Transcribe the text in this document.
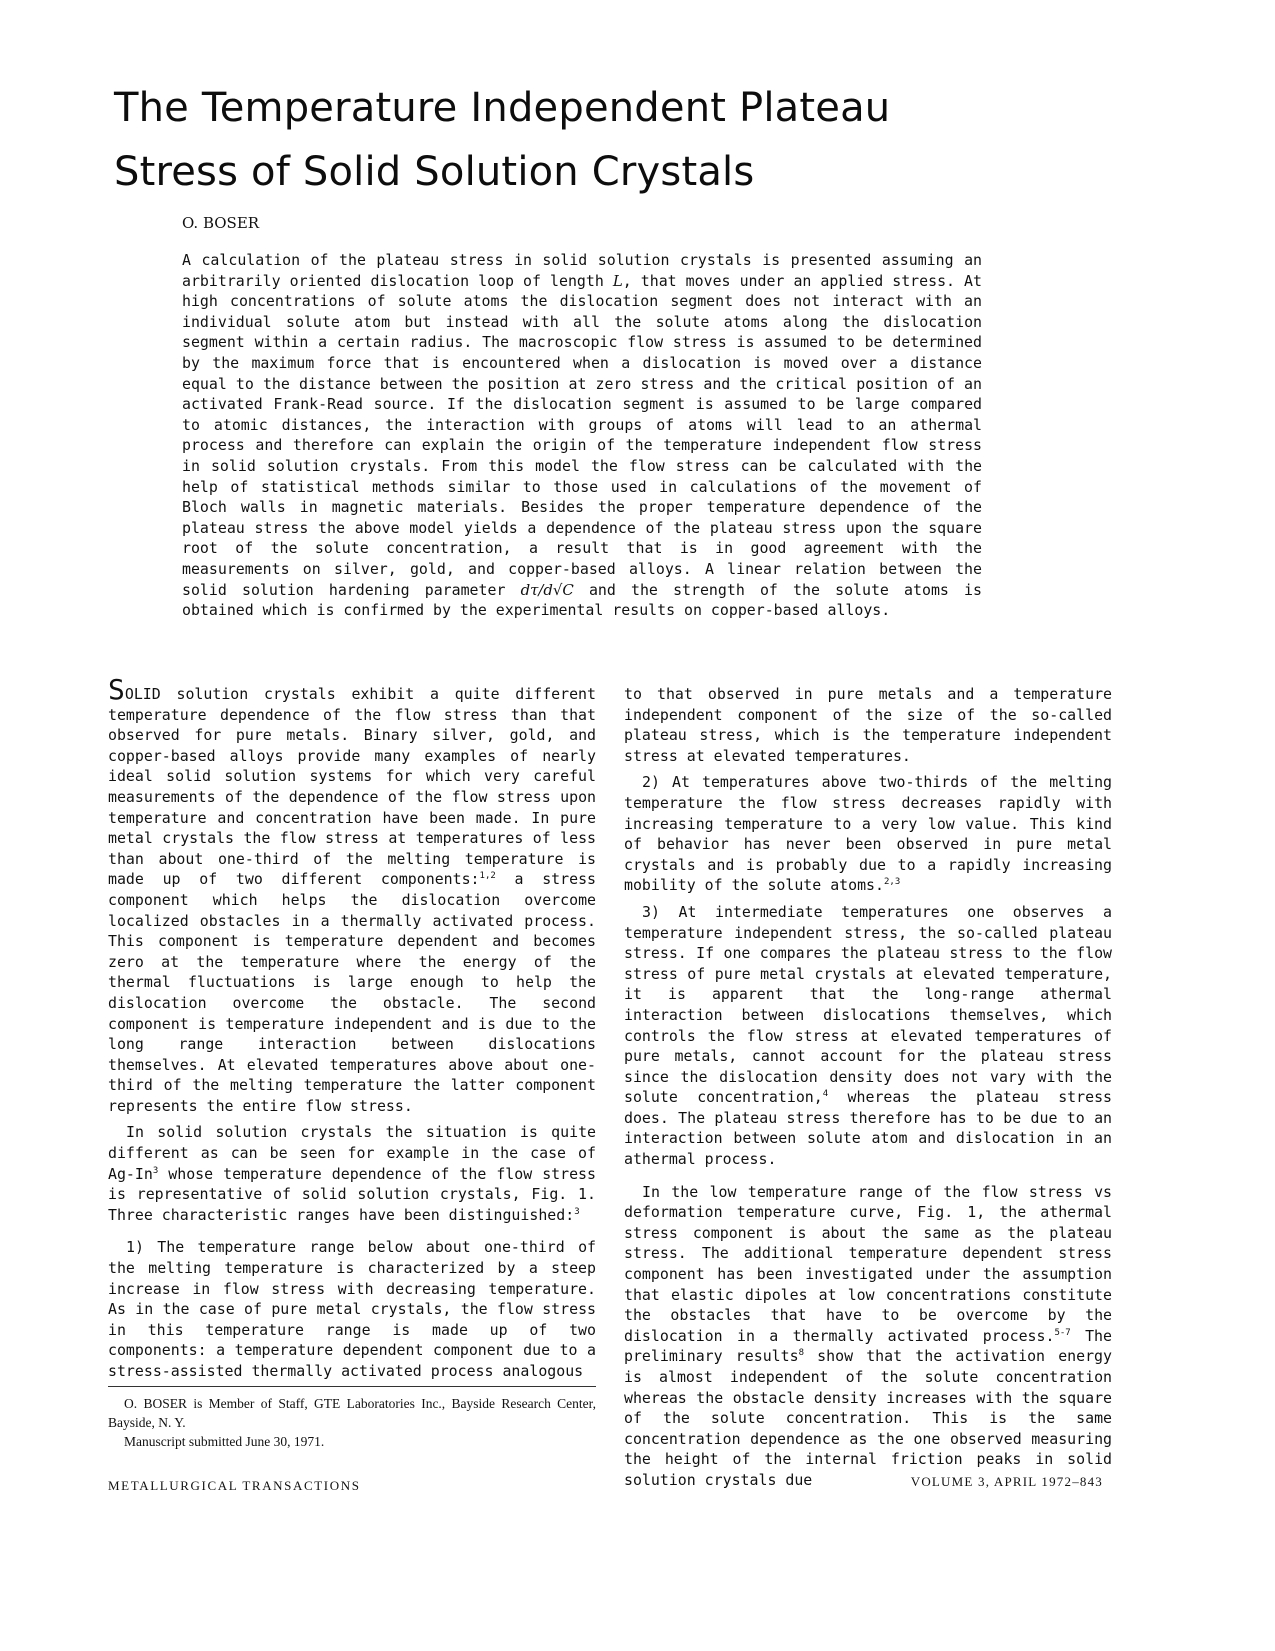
The Temperature Independent Plateau
Stress of Solid Solution Crystals
O. BOSER

A calculation of the plateau stress in solid solution crystals is presented assuming an arbitrarily oriented dislocation loop of length L, that moves under an applied stress. At high concentrations of solute atoms the dislocation segment does not interact with an individual solute atom but instead with all the solute atoms along the dislocation segment within a certain radius. The macroscopic flow stress is assumed to be determined by the maximum force that is encountered when a dislocation is moved over a distance equal to the distance between the position at zero stress and the critical position of an activated Frank-Read source. If the dislocation segment is assumed to be large compared to atomic distances, the interaction with groups of atoms will lead to an athermal process and therefore can explain the origin of the temperature independent flow stress in solid solution crystals. From this model the flow stress can be calculated with the help of statistical methods similar to those used in calculations of the movement of Bloch walls in magnetic materials. Besides the proper temperature dependence of the plateau stress the above model yields a dependence of the plateau stress upon the square root of the solute concentration, a result that is in good agreement with the measurements on silver, gold, and copper-based alloys. A linear relation between the solid solution hardening parameter dτ/d√C and the strength of the solute atoms is obtained which is confirmed by the experimental results on copper-based alloys.

SOLID solution crystals exhibit a quite different temperature dependence of the flow stress than that observed for pure metals. Binary silver, gold, and copper-based alloys provide many examples of nearly ideal solid solution systems for which very careful measurements of the dependence of the flow stress upon temperature and concentration have been made. In pure metal crystals the flow stress at temperatures of less than about one-third of the melting temperature is made up of two different components:$^{1,2}$ a stress component which helps the dislocation overcome localized obstacles in a thermally activated process. This component is temperature dependent and becomes zero at the temperature where the energy of the thermal fluctuations is large enough to help the dislocation overcome the obstacle. The second component is temperature independent and is due to the long range interaction between dislocations themselves. At elevated temperatures above about one-third of the melting temperature the latter component represents the entire flow stress.

In solid solution crystals the situation is quite different as can be seen for example in the case of Ag-In$^3$ whose temperature dependence of the flow stress is representative of solid solution crystals, Fig. 1. Three characteristic ranges have been distinguished:$^3$

1) The temperature range below about one-third of the melting temperature is characterized by a steep increase in flow stress with decreasing temperature. As in the case of pure metal crystals, the flow stress in this temperature range is made up of two components: a temperature dependent component due to a stress-assisted thermally activated process analogous

to that observed in pure metals and a temperature independent component of the size of the so-called plateau stress, which is the temperature independent stress at elevated temperatures.

2) At temperatures above two-thirds of the melting temperature the flow stress decreases rapidly with increasing temperature to a very low value. This kind of behavior has never been observed in pure metal crystals and is probably due to a rapidly increasing mobility of the solute atoms.$^{2,3}$

3) At intermediate temperatures one observes a temperature independent stress, the so-called plateau stress. If one compares the plateau stress to the flow stress of pure metal crystals at elevated temperature, it is apparent that the long-range athermal interaction between dislocations themselves, which controls the flow stress at elevated temperatures of pure metals, cannot account for the plateau stress since the dislocation density does not vary with the solute concentration,$^4$ whereas the plateau stress does. The plateau stress therefore has to be due to an interaction between solute atom and dislocation in an athermal process.

In the low temperature range of the flow stress vs deformation temperature curve, Fig. 1, the athermal stress component is about the same as the plateau stress. The additional temperature dependent stress component has been investigated under the assumption that elastic dipoles at low concentrations constitute the obstacles that have to be overcome by the dislocation in a thermally activated process.$^{5-7}$ The preliminary results$^8$ show that the activation energy is almost independent of the solute concentration whereas the obstacle density increases with the square of the solute concentration. This is the same concentration dependence as the one observed measuring the height of the internal friction peaks in solid solution crystals due

O. BOSER is Member of Staff, GTE Laboratories Inc., Bayside Research Center, Bayside, N. Y.

Manuscript submitted June 30, 1971.

METALLURGICAL TRANSACTIONS	VOLUME 3, APRIL 1972–843
